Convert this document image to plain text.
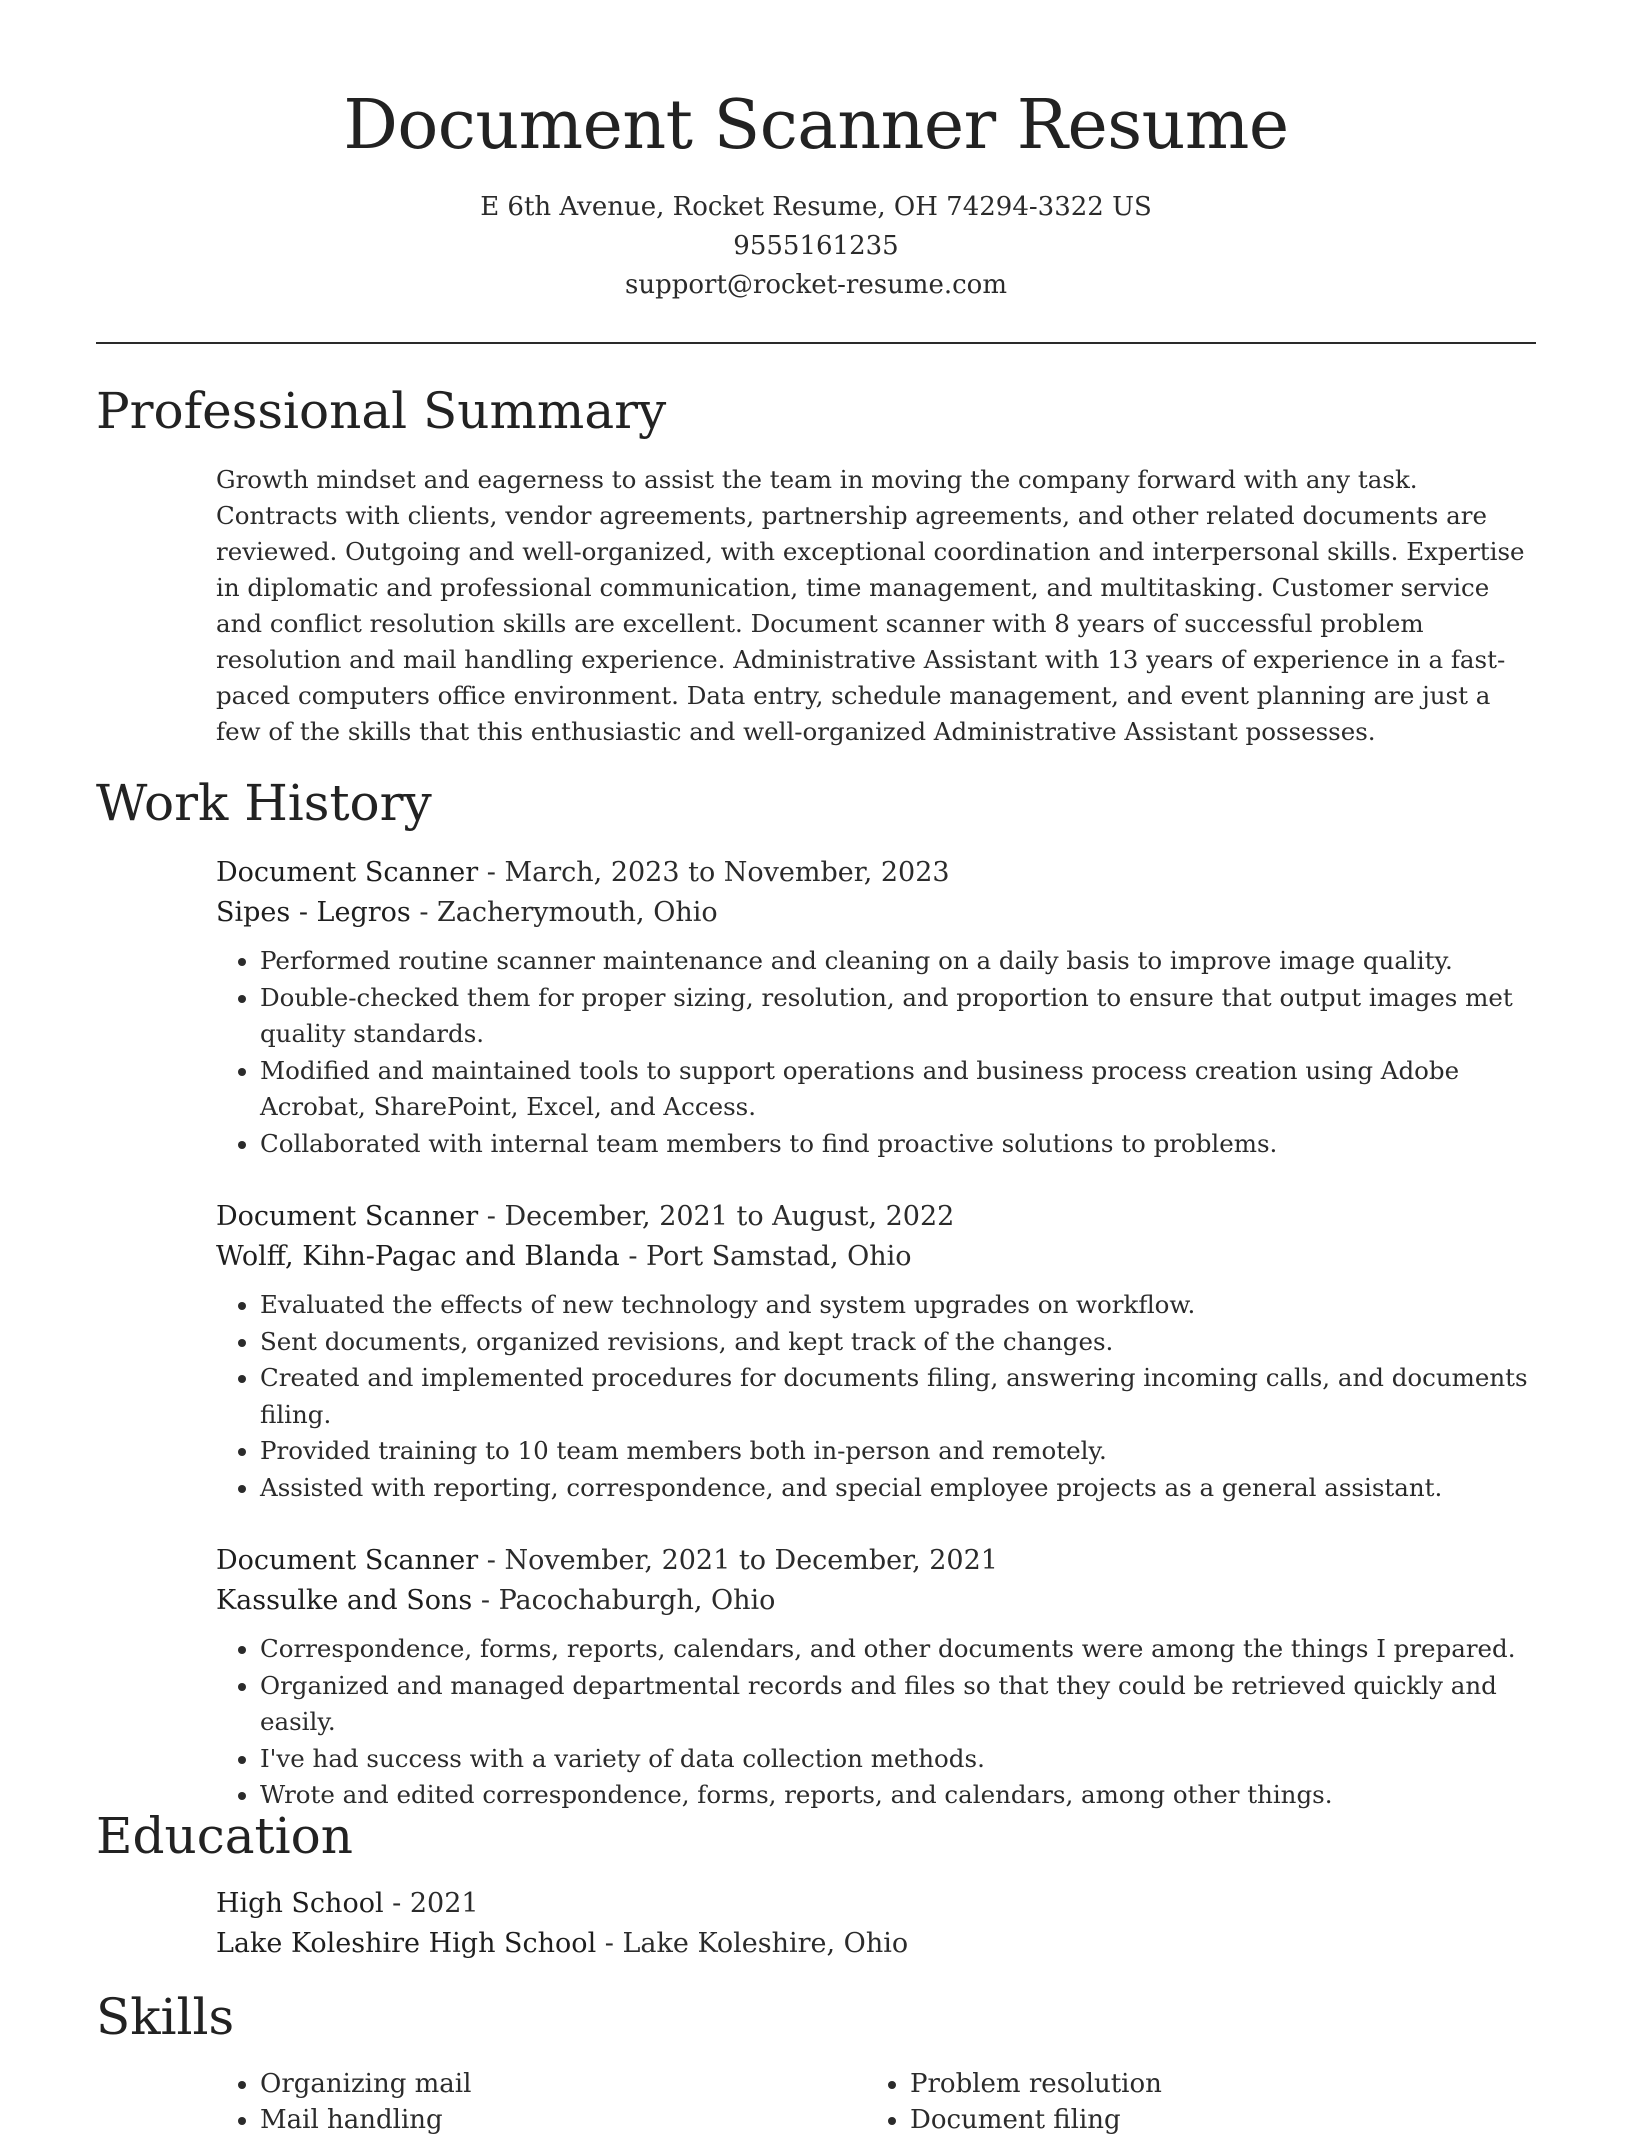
Document Scanner Resume
E 6th Avenue, Rocket Resume, OH 74294-3322 US
9555161235
support@rocket-resume.com
Professional Summary

Growth mindset and eagerness to assist the team in moving the company forward with any task. Contracts with clients, vendor agreements, partnership agreements, and other related documents are reviewed. Outgoing and well-organized, with exceptional coordination and interpersonal skills. Expertise in diplomatic and professional communication, time management, and multitasking. Customer service and conflict resolution skills are excellent. Document scanner with 8 years of successful problem resolution and mail handling experience. Administrative Assistant with 13 years of experience in a fast-paced computers office environment. Data entry, schedule management, and event planning are just a few of the skills that this enthusiastic and well-organized Administrative Assistant possesses.

Work History
Document Scanner - March, 2023 to November, 2023
Sipes - Legros - Zacherymouth, Ohio
• Performed routine scanner maintenance and cleaning on a daily basis to improve image quality.
• Double-checked them for proper sizing, resolution, and proportion to ensure that output images met quality standards.
• Modified and maintained tools to support operations and business process creation using Adobe Acrobat, SharePoint, Excel, and Access.
• Collaborated with internal team members to find proactive solutions to problems.
Document Scanner - December, 2021 to August, 2022
Wolff, Kihn-Pagac and Blanda - Port Samstad, Ohio
• Evaluated the effects of new technology and system upgrades on workflow.
• Sent documents, organized revisions, and kept track of the changes.
• Created and implemented procedures for documents filing, answering incoming calls, and documents filing.
• Provided training to 10 team members both in-person and remotely.
• Assisted with reporting, correspondence, and special employee projects as a general assistant.
Document Scanner - November, 2021 to December, 2021
Kassulke and Sons - Pacochaburgh, Ohio
• Correspondence, forms, reports, calendars, and other documents were among the things I prepared.
• Organized and managed departmental records and files so that they could be retrieved quickly and easily.
• I've had success with a variety of data collection methods.
• Wrote and edited correspondence, forms, reports, and calendars, among other things.
Education
High School - 2021
Lake Koleshire High School - Lake Koleshire, Ohio
Skills
• Organizing mail
• Mail handling
• Problem resolution
• Document filing
